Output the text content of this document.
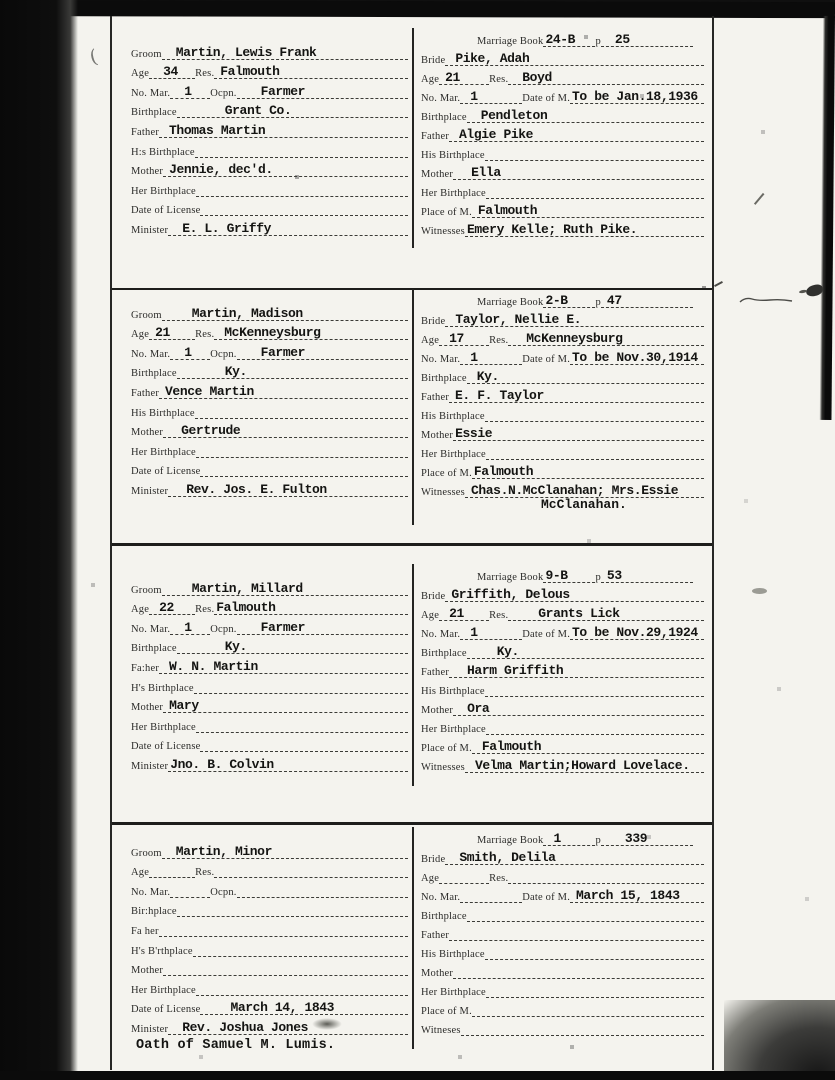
Groom Martin, Lewis Frank
Age 34 Res. Falmouth
No. Mar. 1 Ocpn. Farmer
Birthplace	Grant Co.
Father Thomas Martin
H:s Birthplace
Mother Jennie, dec'd.
Her Birthplace
Date of License
Minister E. L. Griffy
Marriage Book 24-B p 25
Bride Pike, Adah
Age 21	Res. Boyd
No. Mar. 1	Date of M. To be Jan.18,1936
Birthplace Pendleton
Father Algie Pike
His Birthplace
Mother Ella
Her Birthplace
Place of M. Falmouth
Witnesses Emery Kelle; Ruth Pike.
Groom Martin, Madison
Age 21 Res. McKenneysburg
No. Mar. 1 Ocpn. Farmer
Birthplace	Ky.
Father Vence Martin
His Birthplace
Mother Gertrude
Her Birthplace
Date of License
Minister Rev. Jos. E. Fulton
Marriage Book 2-B	p 47
Bride Taylor, Nellie E.
Age 17 Res. McKenneysburg
No. Mar. 1	Date of M. To be Nov.30,1914
Birthplace Ky.
Father E. F. Taylor
His Birthplace
Mother Essie
Her Birthplace
Place of M. Falmouth
Witnesses Chas.N.McClanahan; Mrs.Essie
McClanahan.
Groom Martin, Millard
Age 22 Res. Falmouth
No. Mar. 1 Ocpn. Farmer
Birthplace	Ky.
Fa:her W. N. Martin
H's Birthplace
Mother Mary
Her Birthplace
Date of License
Minister Jno. B. Colvin
Marriage Book 9-B	p 53
Bride Griffith, Delous
Age 21 Res. Grants Lick
No. Mar. 1	Date of M. To be Nov.29,1924
Birthplace Ky.
Father Harm Griffith
His Birthplace
Mother Ora
Her Birthplace
Place of M. Falmouth
Witnesses Velma Martin;Howard Lovelace.
Groom Martin, Minor
Age	Res.
No. Mar.	Ocpn.
Bir:hplace
Fa her
H's B'rthplace
Mother
Her Birthplace
Date of License March 14, 1843
Minister Rev. Joshua Jones
Marriage Book 1	p 339
Bride Smith, Delila
Age	Res.
No. Mar.	Date of M. March 15, 1843
Birthplace
Father
His Birthplace
Mother
Her Birthplace
Place of M.
Witneses
Oath of Samuel M. Lumis.
(
